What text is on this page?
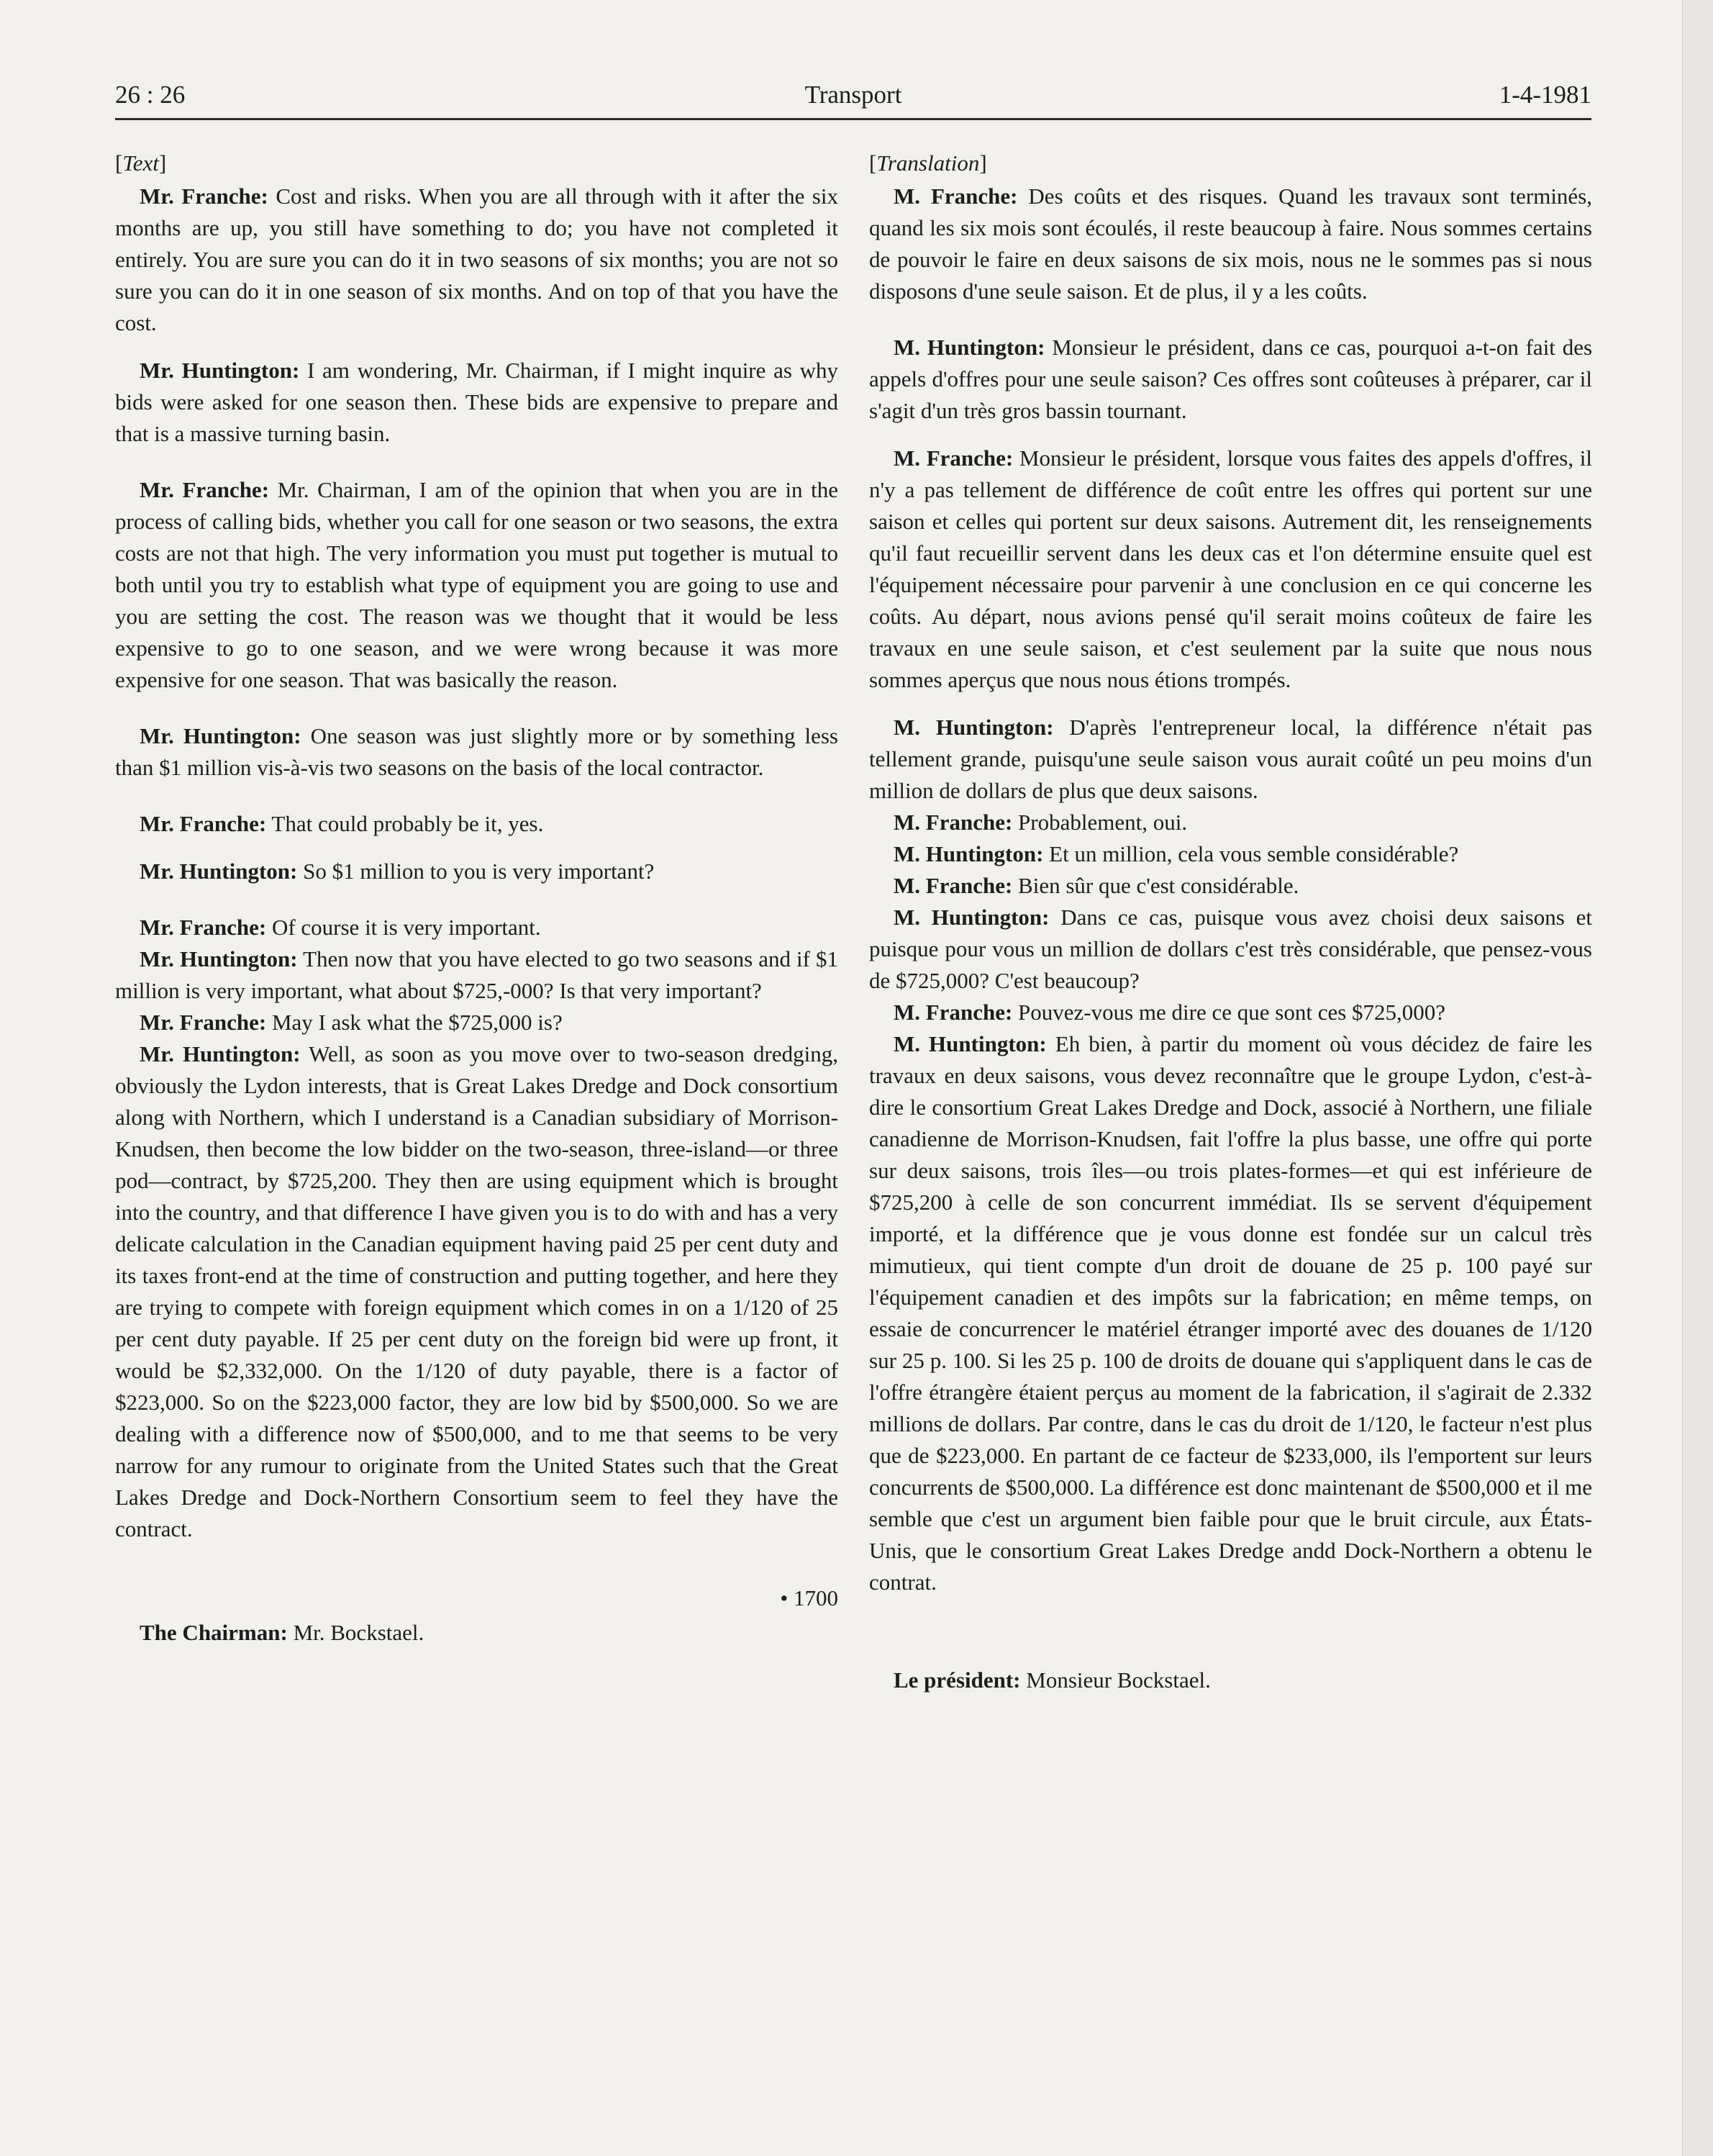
26 : 26	Transport	1-4-1981
[Text]

Mr. Franche: Cost and risks. When you are all through with it after the six months are up, you still have something to do; you have not completed it entirely. You are sure you can do it in two seasons of six months; you are not so sure you can do it in one season of six months. And on top of that you have the cost.

Mr. Huntington: I am wondering, Mr. Chairman, if I might inquire as why bids were asked for one season then. These bids are expensive to prepare and that is a massive turning basin.

Mr. Franche: Mr. Chairman, I am of the opinion that when you are in the process of calling bids, whether you call for one season or two seasons, the extra costs are not that high. The very information you must put together is mutual to both until you try to establish what type of equipment you are going to use and you are setting the cost. The reason was we thought that it would be less expensive to go to one season, and we were wrong because it was more expensive for one season. That was basically the reason.

Mr. Huntington: One season was just slightly more or by something less than $1 million vis-à-vis two seasons on the basis of the local contractor.

Mr. Franche: That could probably be it, yes.

Mr. Huntington: So $1 million to you is very important?

Mr. Franche: Of course it is very important.

Mr. Huntington: Then now that you have elected to go two seasons and if $1 million is very important, what about $725,-000? Is that very important?

Mr. Franche: May I ask what the $725,000 is?

Mr. Huntington: Well, as soon as you move over to two-season dredging, obviously the Lydon interests, that is Great Lakes Dredge and Dock consortium along with Northern, which I understand is a Canadian subsidiary of Morrison-Knudsen, then become the low bidder on the two-season, three-island—or three pod—contract, by $725,200. They then are using equipment which is brought into the country, and that difference I have given you is to do with and has a very delicate calculation in the Canadian equipment having paid 25 per cent duty and its taxes front-end at the time of construction and putting together, and here they are trying to compete with foreign equipment which comes in on a 1/120 of 25 per cent duty payable. If 25 per cent duty on the foreign bid were up front, it would be $2,332,000. On the 1/120 of duty payable, there is a factor of $223,000. So on the $223,000 factor, they are low bid by $500,000. So we are dealing with a difference now of $500,000, and to me that seems to be very narrow for any rumour to originate from the United States such that the Great Lakes Dredge and Dock-Northern Consortium seem to feel they have the contract.

• 1700

The Chairman: Mr. Bockstael.

[Translation]

M. Franche: Des coûts et des risques. Quand les travaux sont terminés, quand les six mois sont écoulés, il reste beaucoup à faire. Nous sommes certains de pouvoir le faire en deux saisons de six mois, nous ne le sommes pas si nous disposons d'une seule saison. Et de plus, il y a les coûts.

M. Huntington: Monsieur le président, dans ce cas, pourquoi a-t-on fait des appels d'offres pour une seule saison? Ces offres sont coûteuses à préparer, car il s'agit d'un très gros bassin tournant.

M. Franche: Monsieur le président, lorsque vous faites des appels d'offres, il n'y a pas tellement de différence de coût entre les offres qui portent sur une saison et celles qui portent sur deux saisons. Autrement dit, les renseignements qu'il faut recueillir servent dans les deux cas et l'on détermine ensuite quel est l'équipement nécessaire pour parvenir à une conclusion en ce qui concerne les coûts. Au départ, nous avions pensé qu'il serait moins coûteux de faire les travaux en une seule saison, et c'est seulement par la suite que nous nous sommes aperçus que nous nous étions trompés.

M. Huntington: D'après l'entrepreneur local, la différence n'était pas tellement grande, puisqu'une seule saison vous aurait coûté un peu moins d'un million de dollars de plus que deux saisons.

M. Franche: Probablement, oui.

M. Huntington: Et un million, cela vous semble considérable?

M. Franche: Bien sûr que c'est considérable.

M. Huntington: Dans ce cas, puisque vous avez choisi deux saisons et puisque pour vous un million de dollars c'est très considérable, que pensez-vous de $725,000? C'est beaucoup?

M. Franche: Pouvez-vous me dire ce que sont ces $725,000?

M. Huntington: Eh bien, à partir du moment où vous décidez de faire les travaux en deux saisons, vous devez reconnaître que le groupe Lydon, c'est-à-dire le consortium Great Lakes Dredge and Dock, associé à Northern, une filiale canadienne de Morrison-Knudsen, fait l'offre la plus basse, une offre qui porte sur deux saisons, trois îles—ou trois plates-formes—et qui est inférieure de $725,200 à celle de son concurrent immédiat. Ils se servent d'équipement importé, et la différence que je vous donne est fondée sur un calcul très mimutieux, qui tient compte d'un droit de douane de 25 p. 100 payé sur l'équipement canadien et des impôts sur la fabrication; en même temps, on essaie de concurrencer le matériel étranger importé avec des douanes de 1/120 sur 25 p. 100. Si les 25 p. 100 de droits de douane qui s'appliquent dans le cas de l'offre étrangère étaient perçus au moment de la fabrication, il s'agirait de 2.332 millions de dollars. Par contre, dans le cas du droit de 1/120, le facteur n'est plus que de $223,000. En partant de ce facteur de $233,000, ils l'emportent sur leurs concurrents de $500,000. La différence est donc maintenant de $500,000 et il me semble que c'est un argument bien faible pour que le bruit circule, aux États-Unis, que le consortium Great Lakes Dredge andd Dock-Northern a obtenu le contrat.

Le président: Monsieur Bockstael.
